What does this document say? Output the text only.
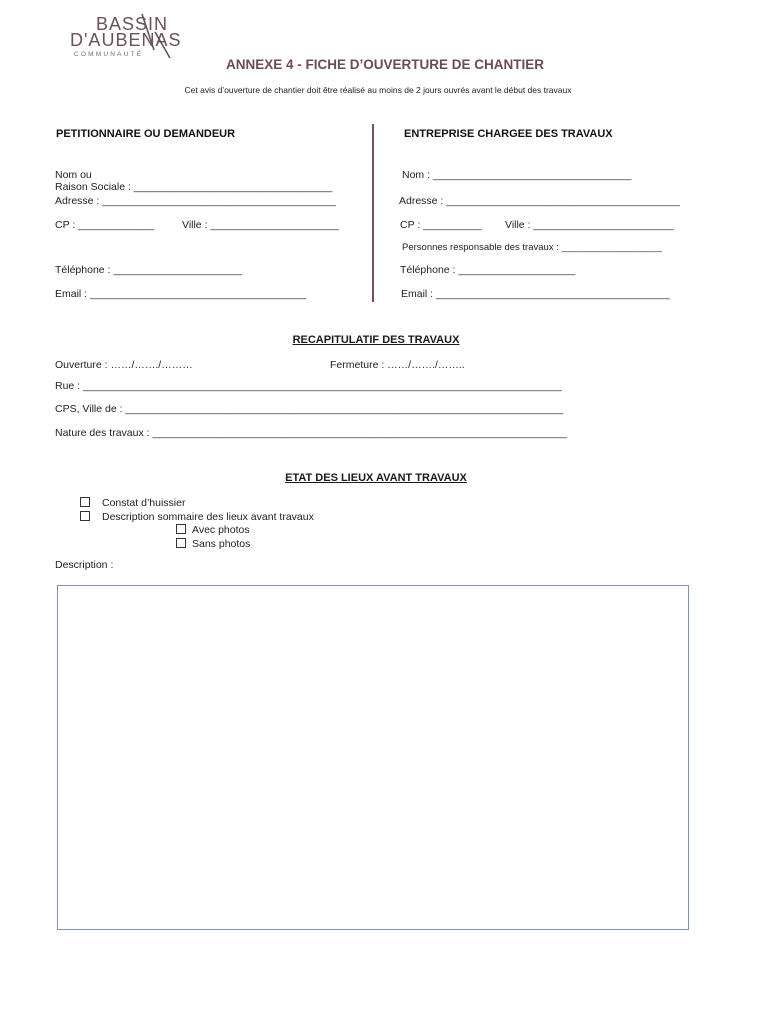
BASSIN
D'AUBENAS
COMMUNAUTÉ
ANNEXE 4 - FICHE D’OUVERTURE DE CHANTIER
Cet avis d’ouverture de chantier doit être réalisé au moins de 2 jours ouvrés avant le début des travaux
PETITIONNAIRE OU DEMANDEUR
Nom ou
Raison Sociale : __________________________________
Adresse : ________________________________________
CP : _____________	Ville : ______________________
Téléphone : ______________________
Email : _____________________________________
ENTREPRISE CHARGEE DES TRAVAUX
Nom : __________________________________
Adresse : ________________________________________
CP : __________ Ville : ________________________
Personnes responsable des travaux : ___________________
Téléphone : ____________________
Email : ________________________________________
RECAPITULATIF DES TRAVAUX
Ouverture : ……/……./………	Fermeture : ……/……./……..
Rue : __________________________________________________________________________________
CPS, Ville de : ___________________________________________________________________________
Nature des travaux : _______________________________________________________________________
ETAT DES LIEUX AVANT TRAVAUX
Constat d’huissier
Description sommaire des lieux avant travaux
Avec photos
Sans photos
Description :
